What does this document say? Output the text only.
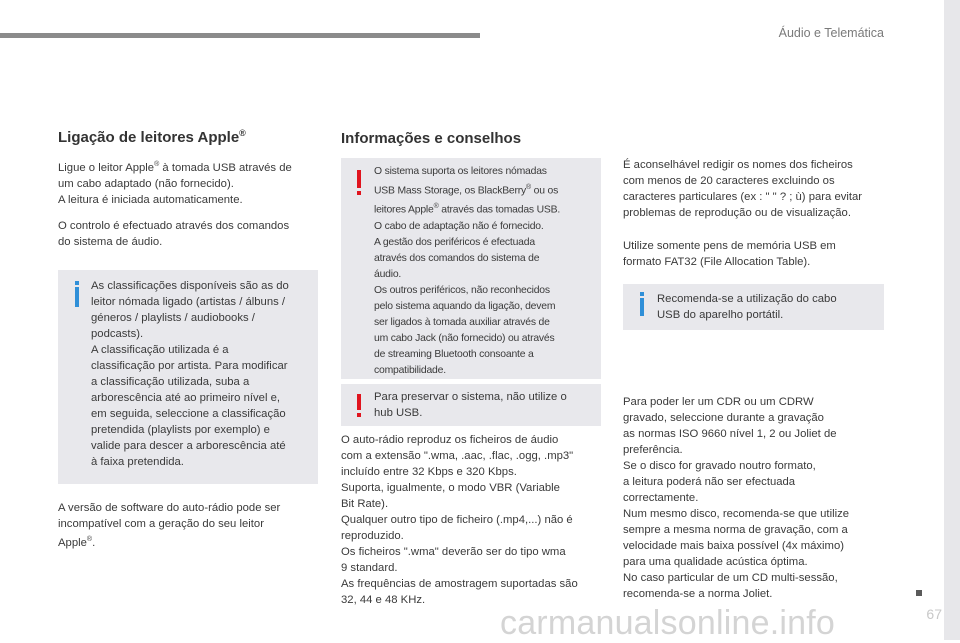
Áudio e Telemática
67
carmanualsonline.info
Ligação de leitores Apple®

Ligue o leitor Apple® à tomada USB através de
um cabo adaptado (não fornecido).
A leitura é iniciada automaticamente.

O controlo é efectuado através dos comandos
do sistema de áudio.

As classificações disponíveis são as do
leitor nómada ligado (artistas / álbuns /
géneros / playlists / audiobooks /
podcasts).
A classificação utilizada é a
classificação por artista. Para modificar
a classificação utilizada, suba a
arborescência até ao primeiro nível e,
em seguida, seleccione a classificação
pretendida (playlists por exemplo) e
valide para descer a arborescência até
à faixa pretendida.

A versão de software do auto-rádio pode ser
incompatível com a geração do seu leitor
Apple®.

Informações e conselhos

O sistema suporta os leitores nómadas
USB Mass Storage, os BlackBerry® ou os
leitores Apple® através das tomadas USB.
O cabo de adaptação não é fornecido.
A gestão dos periféricos é efectuada
através dos comandos do sistema de
áudio.
Os outros periféricos, não reconhecidos
pelo sistema aquando da ligação, devem
ser ligados à tomada auxiliar através de
um cabo Jack (não fornecido) ou através
de streaming Bluetooth consoante a
compatibilidade.

Para preservar o sistema, não utilize o
hub USB.

O auto-rádio reproduz os ficheiros de áudio
com a extensão ".wma, .aac, .flac, .ogg, .mp3"
incluído entre 32 Kbps e 320 Kbps.
Suporta, igualmente, o modo VBR (Variable
Bit Rate).
Qualquer outro tipo de ficheiro (.mp4,...) não é
reproduzido.
Os ficheiros ".wma" deverão ser do tipo wma
9 standard.
As frequências de amostragem suportadas são
32, 44 e 48 KHz.

É aconselhável redigir os nomes dos ficheiros
com menos de 20 caracteres excluindo os
caracteres particulares (ex : " " ? ; ù) para evitar
problemas de reprodução ou de visualização.

Utilize somente pens de memória USB em
formato FAT32 (File Allocation Table).

Recomenda-se a utilização do cabo
USB do aparelho portátil.

Para poder ler um CDR ou um CDRW
gravado, seleccione durante a gravação
as normas ISO 9660 nível 1, 2 ou Joliet de
preferência.
Se o disco for gravado noutro formato,
a leitura poderá não ser efectuada
correctamente.
Num mesmo disco, recomenda-se que utilize
sempre a mesma norma de gravação, com a
velocidade mais baixa possível (4x máximo)
para uma qualidade acústica óptima.
No caso particular de um CD multi-sessão,
recomenda-se a norma Joliet.
